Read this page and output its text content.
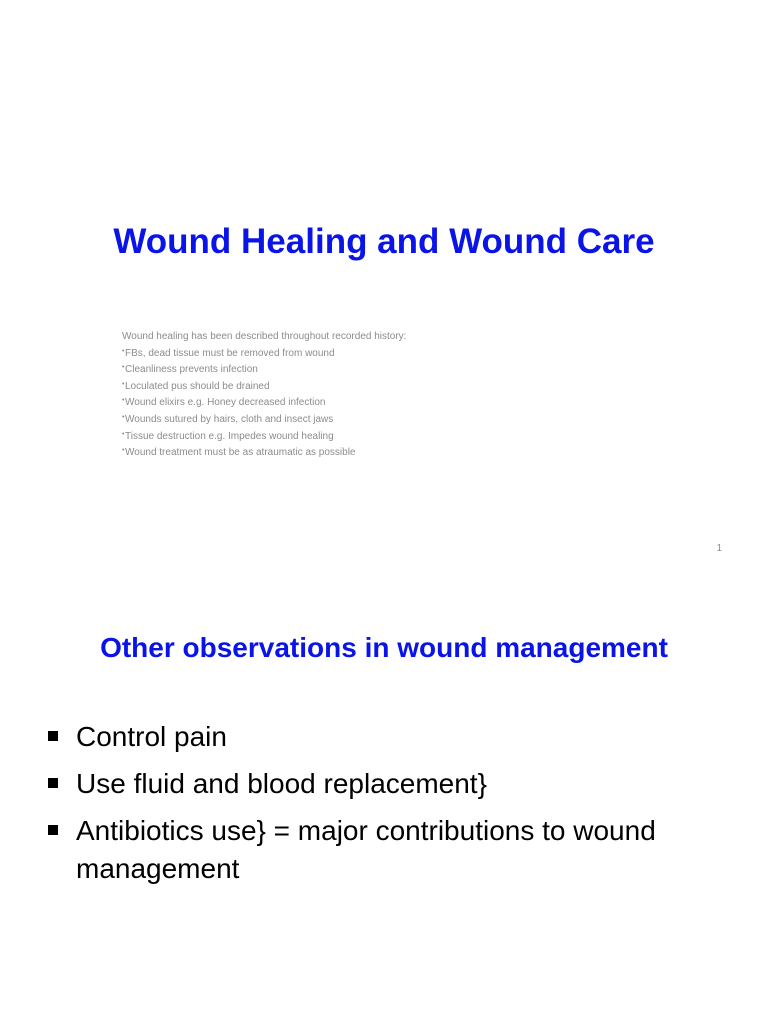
Wound Healing and Wound Care
Wound healing has been described throughout recorded history:
• FBs, dead tissue must be removed from wound
• Cleanliness prevents infection
• Loculated pus should be drained
• Wound elixirs e.g. Honey decreased infection
• Wounds sutured by hairs, cloth and insect jaws
• Tissue destruction e.g. Impedes wound healing
• Wound treatment must be as atraumatic as possible
1
Other observations in wound management
Control pain
Use fluid and blood replacement}
Antibiotics use} = major contributions to wound management
